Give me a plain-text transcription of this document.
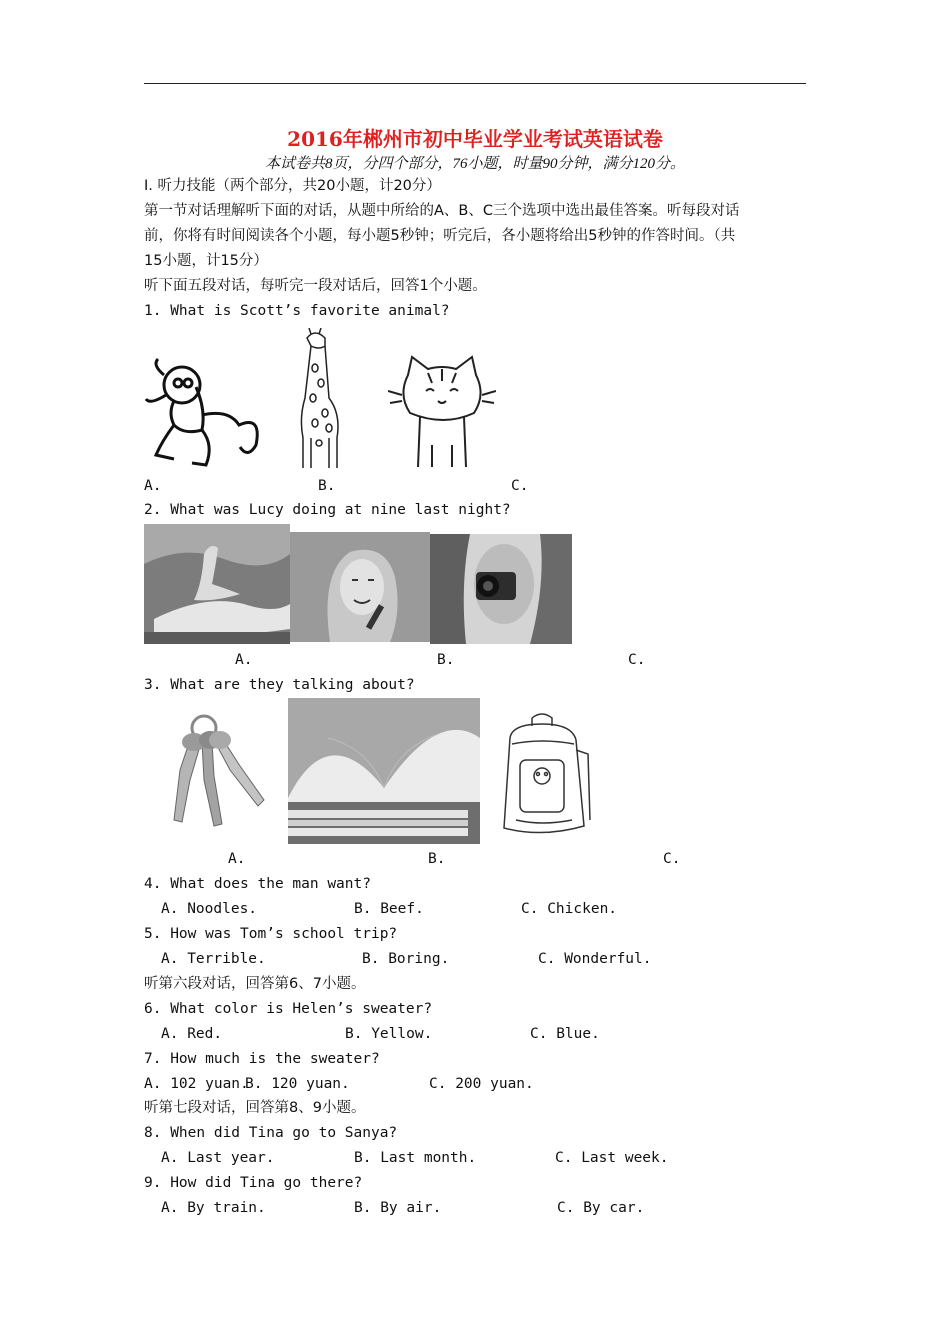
2016年郴州市初中毕业学业考试英语试卷
本试卷共8页，分四个部分，76小题，时量90分钟，满分120分。
I. 听力技能（两个部分，共20小题，计20分）
第一节对话理解听下面的对话，从题中所给的A、B、C三个选项中选出最佳答案。听每段对话
前，你将有时间阅读各个小题，每小题5秒钟；听完后，各小题将给出5秒钟的作答时间。（共
15小题，计15分）
听下面五段对话，每听完一段对话后，回答1个小题。
1. What is Scott’s favorite animal?
A.	B.	C.
2. What was Lucy doing at nine last night?
A.	B.	C.
3. What are they talking about?
A.	B.	C.
4. What does the man want?
A. Noodles.	B. Beef.	C. Chicken.
5. How was Tom’s school trip?
A. Terrible.	B. Boring.	C. Wonderful.
听第六段对话，回答第6、7小题。
6. What color is Helen’s sweater?
A. Red.	B. Yellow.	C. Blue.
7. How much is the sweater?
A. 102 yuan.
B. 120 yuan.	C. 200 yuan.
听第七段对话，回答第8、9小题。
8. When did Tina go to Sanya?
A. Last year.	B. Last month.	C. Last week.
9. How did Tina go there?
A. By train.	B. By air.	C. By car.
